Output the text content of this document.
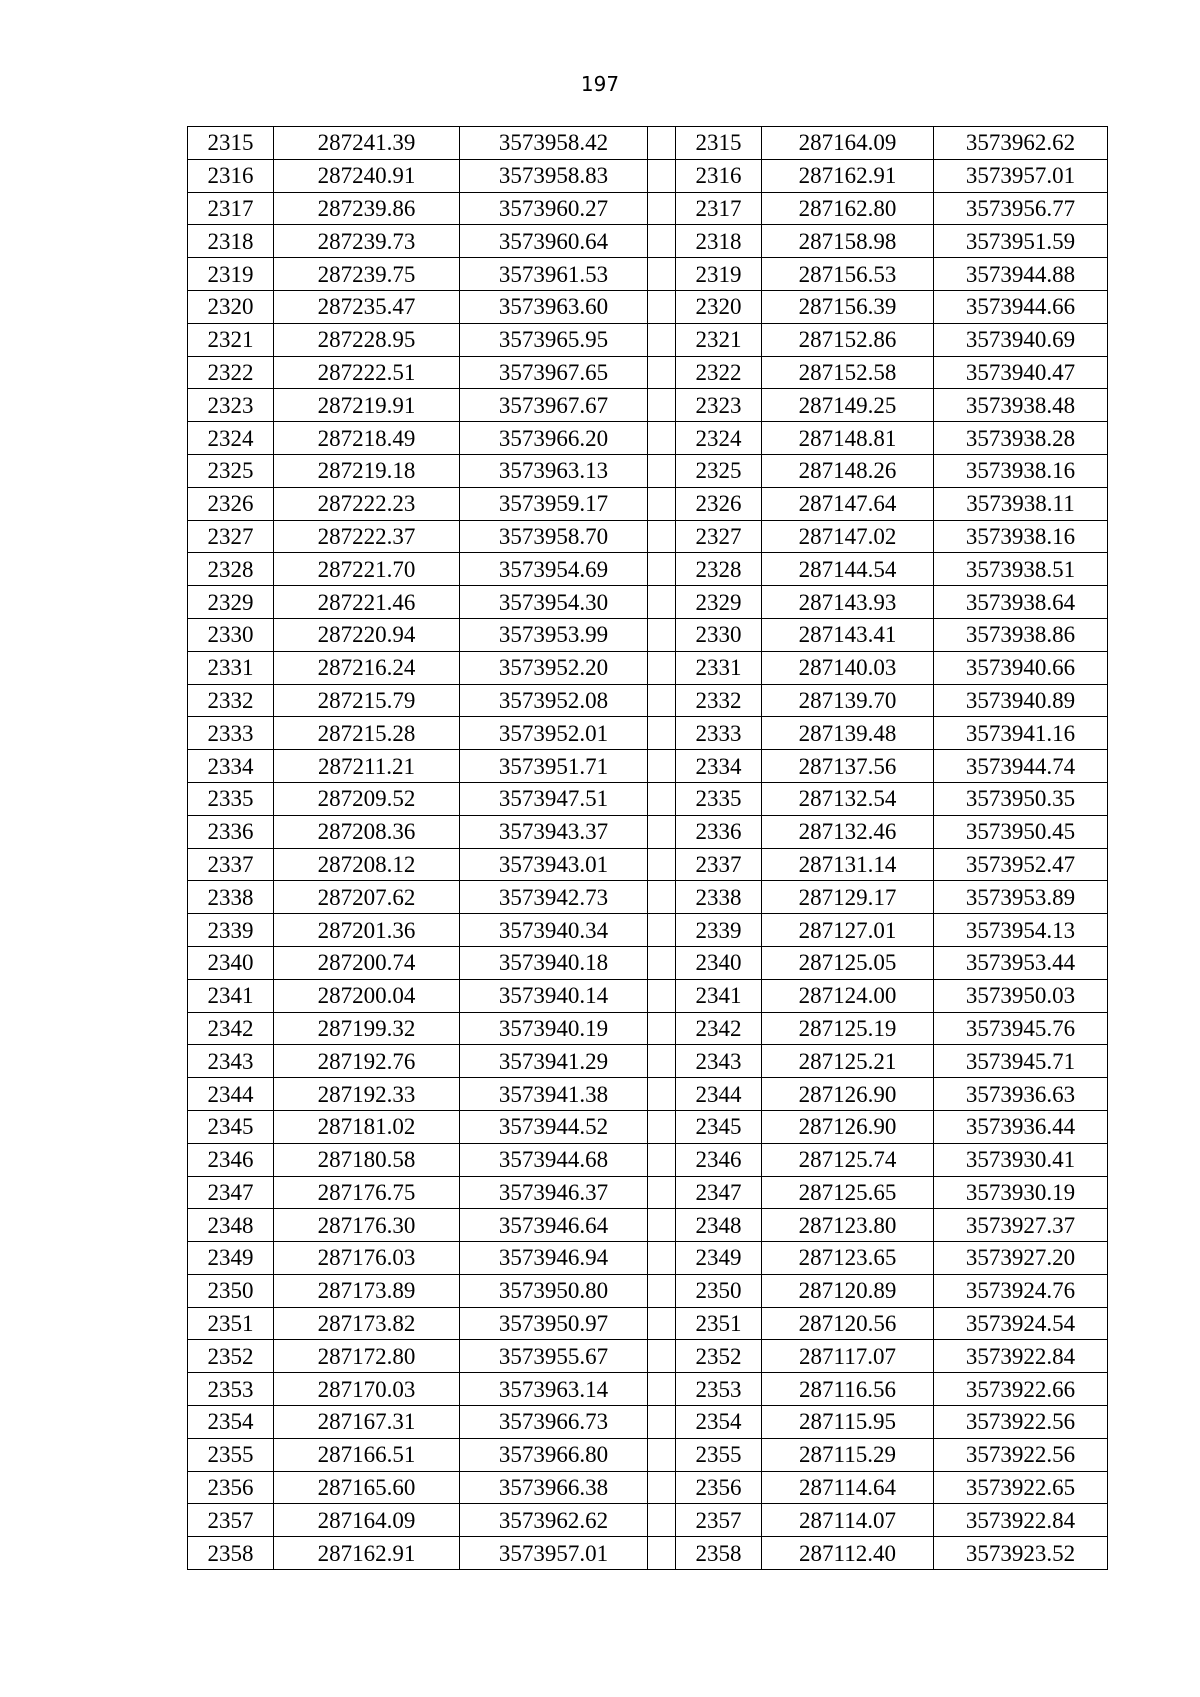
197
2315	287241.39	3573958.42		2315	287164.09	3573962.62
2316	287240.91	3573958.83		2316	287162.91	3573957.01
2317	287239.86	3573960.27		2317	287162.80	3573956.77
2318	287239.73	3573960.64		2318	287158.98	3573951.59
2319	287239.75	3573961.53		2319	287156.53	3573944.88
2320	287235.47	3573963.60		2320	287156.39	3573944.66
2321	287228.95	3573965.95		2321	287152.86	3573940.69
2322	287222.51	3573967.65		2322	287152.58	3573940.47
2323	287219.91	3573967.67		2323	287149.25	3573938.48
2324	287218.49	3573966.20		2324	287148.81	3573938.28
2325	287219.18	3573963.13		2325	287148.26	3573938.16
2326	287222.23	3573959.17		2326	287147.64	3573938.11
2327	287222.37	3573958.70		2327	287147.02	3573938.16
2328	287221.70	3573954.69		2328	287144.54	3573938.51
2329	287221.46	3573954.30		2329	287143.93	3573938.64
2330	287220.94	3573953.99		2330	287143.41	3573938.86
2331	287216.24	3573952.20		2331	287140.03	3573940.66
2332	287215.79	3573952.08		2332	287139.70	3573940.89
2333	287215.28	3573952.01		2333	287139.48	3573941.16
2334	287211.21	3573951.71		2334	287137.56	3573944.74
2335	287209.52	3573947.51		2335	287132.54	3573950.35
2336	287208.36	3573943.37		2336	287132.46	3573950.45
2337	287208.12	3573943.01		2337	287131.14	3573952.47
2338	287207.62	3573942.73		2338	287129.17	3573953.89
2339	287201.36	3573940.34		2339	287127.01	3573954.13
2340	287200.74	3573940.18		2340	287125.05	3573953.44
2341	287200.04	3573940.14		2341	287124.00	3573950.03
2342	287199.32	3573940.19		2342	287125.19	3573945.76
2343	287192.76	3573941.29		2343	287125.21	3573945.71
2344	287192.33	3573941.38		2344	287126.90	3573936.63
2345	287181.02	3573944.52		2345	287126.90	3573936.44
2346	287180.58	3573944.68		2346	287125.74	3573930.41
2347	287176.75	3573946.37		2347	287125.65	3573930.19
2348	287176.30	3573946.64		2348	287123.80	3573927.37
2349	287176.03	3573946.94		2349	287123.65	3573927.20
2350	287173.89	3573950.80		2350	287120.89	3573924.76
2351	287173.82	3573950.97		2351	287120.56	3573924.54
2352	287172.80	3573955.67		2352	287117.07	3573922.84
2353	287170.03	3573963.14		2353	287116.56	3573922.66
2354	287167.31	3573966.73		2354	287115.95	3573922.56
2355	287166.51	3573966.80		2355	287115.29	3573922.56
2356	287165.60	3573966.38		2356	287114.64	3573922.65
2357	287164.09	3573962.62		2357	287114.07	3573922.84
2358	287162.91	3573957.01		2358	287112.40	3573923.52
